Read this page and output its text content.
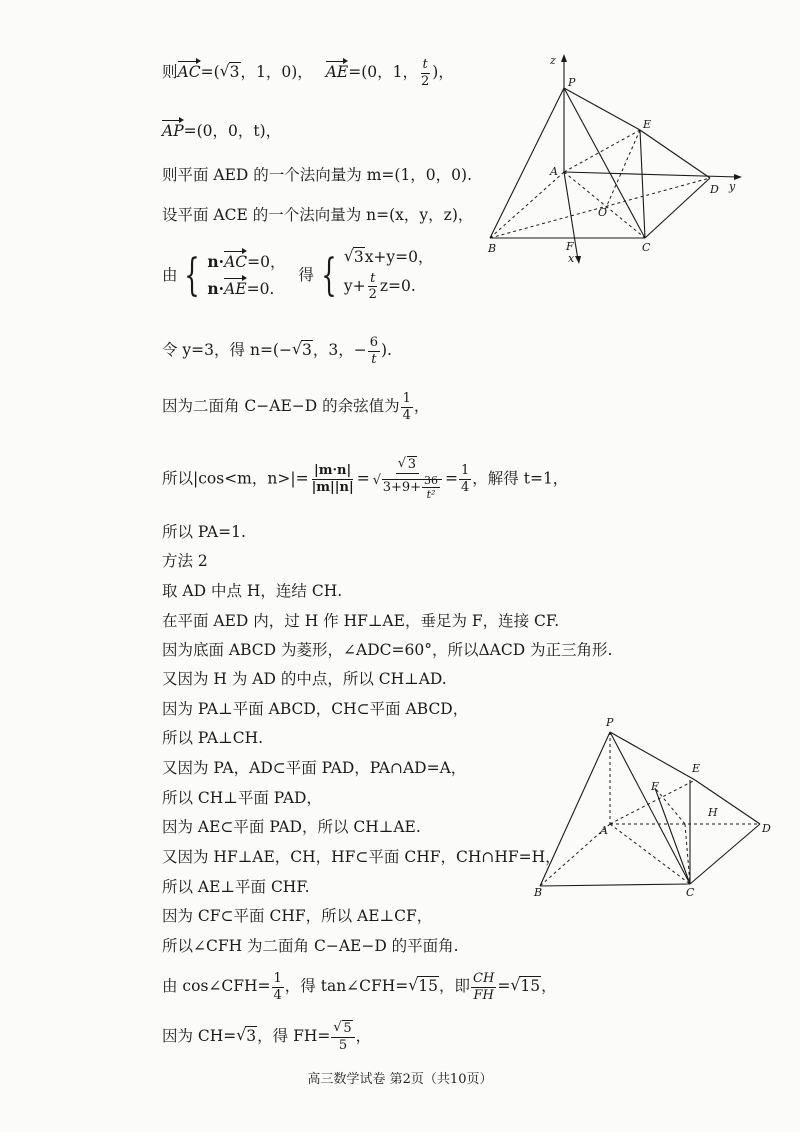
则AC=( √ 3，1，0)， AE=(0，1， $\frac{t}{2}$ )，
AP=(0，0，t)，
则平面 AED 的一个法向量为 m=(1，0，0).
设平面 ACE 的一个法向量为 n=(x，y，z)，
由 { n·AC=0，
n·AE=0.
得 {	√ 3x+y=0，
$y+ \frac{t}{2} z=0$.
令 y=3，得 n=(− √ 3，3，− $\frac{6}{t}$ ).
因为二面角 C−AE−D 的余弦值为 $\frac{1}{4}$ ，
所以|cos<m，$n>|= \frac{|m\cdot n|}{|m||n|}$ = √ 3
√ $3+9+ \frac{36}{\text{t²}} = \frac{1}{4}$ ，解得 t=1，
所以 PA=1.
方法 2
取 AD 中点 H，连结 CH.
在平面 AED 内，过 H 作 HF⊥AE，垂足为 F，连接 CF.
因为底面 ABCD 为菱形，∠ADC=60°，所以ΔACD 为正三角形.
又因为 H 为 AD 的中点，所以 CH⊥AD.
因为 PA⊥平面 ABCD，CH⊂平面 ABCD，
所以 PA⊥CH.
又因为 PA，AD⊂平面 PAD，PA∩AD=A，
所以 CH⊥平面 PAD，
因为 AE⊂平面 PAD，所以 CH⊥AE.
又因为 HF⊥AE，CH，HF⊂平面 CHF，CH∩HF=H，
所以 AE⊥平面 CHF.
因为 CF⊂平面 CHF，所以 AE⊥CF，
所以∠CFH 为二面角 C−AE−D 的平面角.
由 cos∠CFH= $\frac{1}{4}$ ，得 tan∠CFH= √ 15，即 $\frac{CH}{FH}$ = √ 15，
因为 CH= √ 3，得 FH= √ $\frac{5}{5}$ ，
z
P
E
A
D y
O
B	F	C
x
P
E
F
H
A	D
B	C
高三数学试卷 第2页（共10页）
